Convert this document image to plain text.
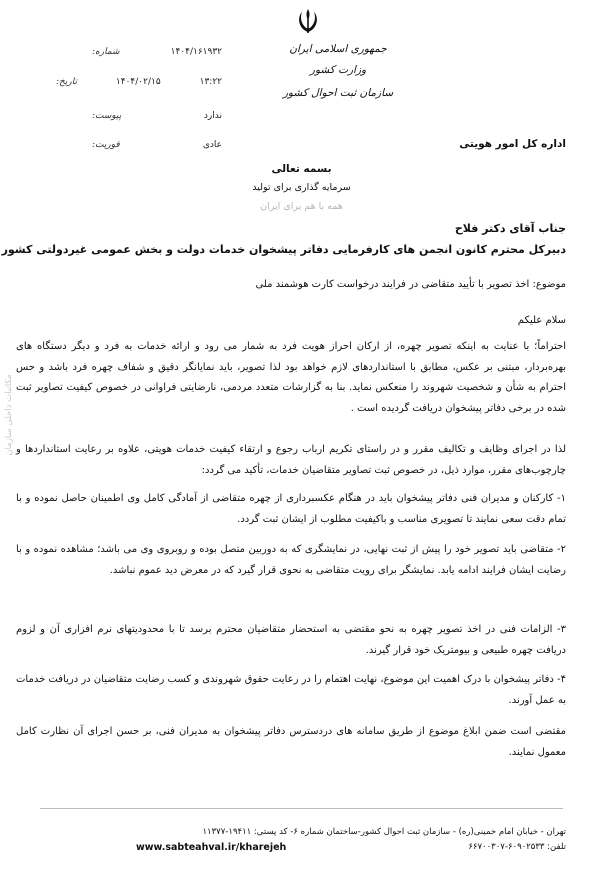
جمهوری اسلامی ایران
وزارت کشور
سازمان ثبت احوال کشور
شماره:	۱۴۰۴/۱۶۱۹۳۲
تاریخ:	۱۴۰۴/۰۲/۱۵	۱۳:۲۲
پیوست:	ندارد
فوریت:	عادی	اداره کل امور هویتی
بسمه تعالی
سرمایه گذاری برای تولید
همه با هم برای ایران
جناب آقای دکتر فلاح
دبیرکل محترم کانون انجمن های کارفرمایی دفاتر پیشخوان خدمات دولت و بخش عمومی غیردولتی کشور
موضوع: اخذ تصویر با تأیید متقاضی در فرایند درخواست کارت هوشمند ملی
سلام علیکم
احتراماً؛ با عنایت به اینکه تصویر چهره، از ارکان احراز هویت فرد به شمار می رود و ارائه خدمات به فرد و دیگر دستگاه های بهره‌بردار، مبتنی بر عکس، مطابق با استانداردهای لازم خواهد بود لذا تصویر، باید نمایانگر دقیق و شفاف چهره فرد باشد و حس احترام به شأن و شخصیت شهروند را منعکس نماید. بنا به گزارشات متعدد مردمی، نارضایتی فراوانی در خصوص کیفیت تصاویر ثبت شده در برخی دفاتر پیشخوان دریافت گردیده است .
لذا در اجرای وظایف و تکالیف مقرر و در راستای تکریم ارباب رجوع و ارتقاء کیفیت خدمات هویتی، علاوه بر رعایت استانداردها و چارچوب‌های مقرر، موارد ذیل، در خصوص ثبت تصاویر متقاضیان خدمات، تأکید می گردد:
۱- کارکنان و مدیران فنی دفاتر پیشخوان باید در هنگام عکسبرداری از چهره متقاضی از آمادگی کامل وی اطمینان حاصل نموده و با تمام دقت سعی نمایند تا تصویری مناسب و باکیفیت مطلوب از ایشان ثبت گردد.
۲- متقاضی باید تصویر خود را پیش از ثبت نهایی، در نمایشگری که به دوربین متصل بوده و روبروی وی می باشد؛ مشاهده نموده و با رضایت ایشان فرایند ادامه یابد. نمایشگر برای رویت متقاضی به نحوی قرار گیرد که در معرض دید عموم نباشد.
۳- الزامات فنی در اخذ تصویر چهره به نحو مقتضی به استحضار متقاضیان محترم برسد تا با محدودیتهای نرم افزاری آن و لزوم دریافت چهره طبیعی و بیومتریک خود قرار گیرند.
۴- دفاتر پیشخوان با درک اهمیت این موضوع، نهایت اهتمام را در رعایت حقوق شهروندی و کسب رضایت متقاضیان در دریافت خدمات به عمل آورند.
مقتضی است ضمن ابلاغ موضوع از طریق سامانه های دردسترس دفاتر پیشخوان به مدیران فنی، بر حسن اجرای آن نظارت کامل معمول نمایند.
مکاتبات داخلی سازمان
تهران - خیابان امام خمینی(ره) - سازمان ثبت احوال کشور-ساختمان شماره ۶- کد پستی: ۱۹۴۱۱-۱۱۳۷۷
www.sabteahval.ir/kharejeh	تلفن: ۶۰۹۰۲۵۳۳-۶۶۷۰۰۳۰۷
